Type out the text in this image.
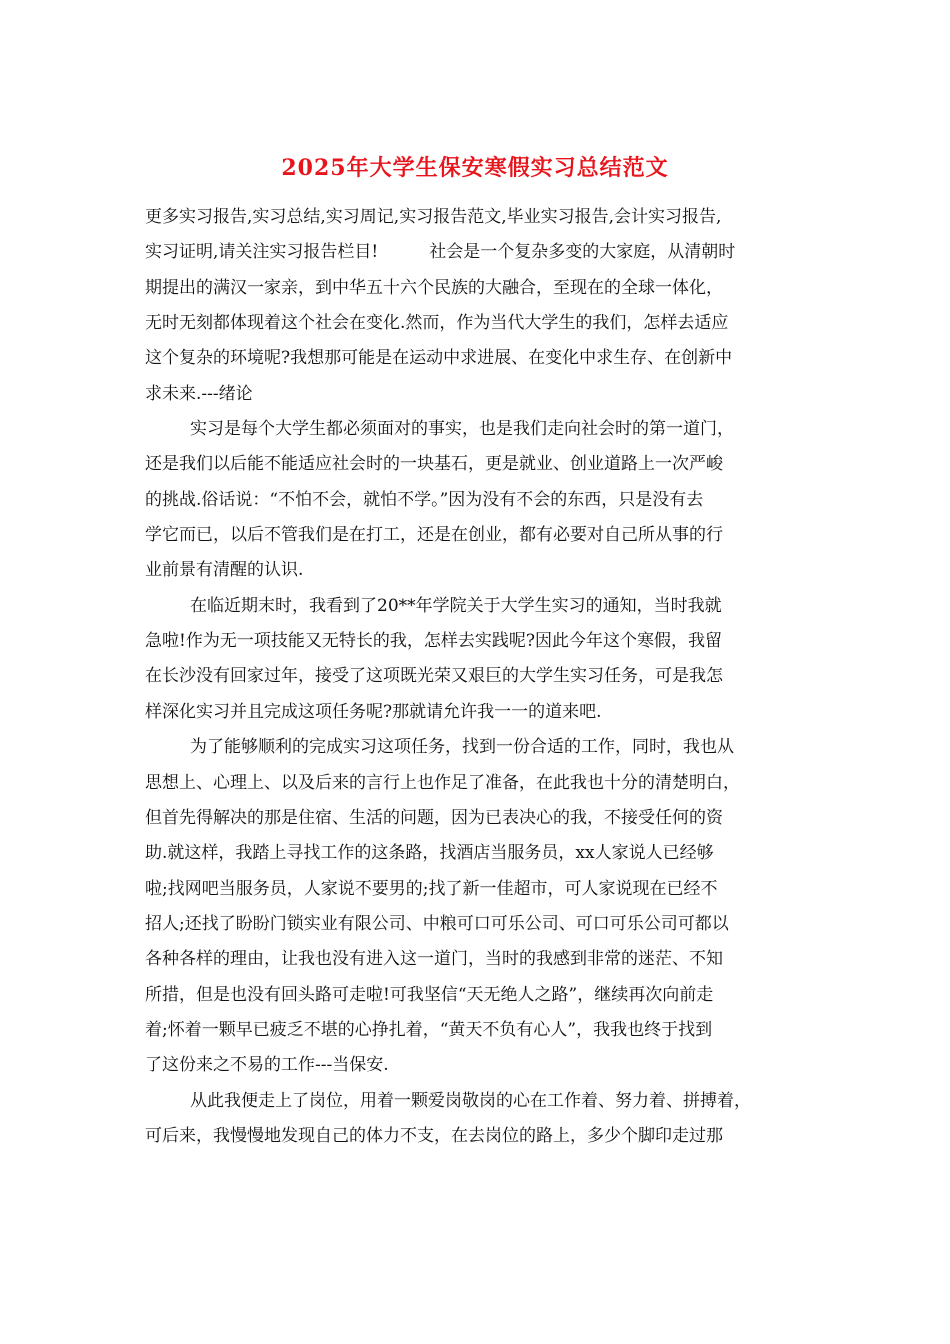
2025年大学生保安寒假实习总结范文

更多实习报告,实习总结,实习周记,实习报告范文,毕业实习报告,会计实习报告,

实习证明,请关注实习报告栏目!　　　社会是一个复杂多变的大家庭，从清朝时

期提出的满汉一家亲，到中华五十六个民族的大融合，至现在的全球一体化，

无时无刻都体现着这个社会在变化.然而，作为当代大学生的我们，怎样去适应

这个复杂的环境呢?我想那可能是在运动中求进展、在变化中求生存、在创新中

求未来.---绪论

实习是每个大学生都必须面对的事实，也是我们走向社会时的第一道门，

还是我们以后能不能适应社会时的一块基石，更是就业、创业道路上一次严峻

的挑战.俗话说：“不怕不会，就怕不学。”因为没有不会的东西，只是没有去

学它而已，以后不管我们是在打工，还是在创业，都有必要对自己所从事的行

业前景有清醒的认识.

在临近期末时，我看到了20**年学院关于大学生实习的通知，当时我就

急啦!作为无一项技能又无特长的我，怎样去实践呢?因此今年这个寒假，我留

在长沙没有回家过年，接受了这项既光荣又艰巨的大学生实习任务，可是我怎

样深化实习并且完成这项任务呢?那就请允许我一一的道来吧.

为了能够顺利的完成实习这项任务，找到一份合适的工作，同时，我也从

思想上、心理上、以及后来的言行上也作足了准备，在此我也十分的清楚明白，

但首先得解决的那是住宿、生活的问题，因为已表决心的我，不接受任何的资

助.就这样，我踏上寻找工作的这条路，找酒店当服务员，xx人家说人已经够

啦;找网吧当服务员，人家说不要男的;找了新一佳超市，可人家说现在已经不

招人;还找了盼盼门锁实业有限公司、中粮可口可乐公司、可口可乐公司可都以

各种各样的理由，让我也没有进入这一道门，当时的我感到非常的迷茫、不知

所措，但是也没有回头路可走啦!可我坚信“天无绝人之路”，继续再次向前走

着;怀着一颗早已疲乏不堪的心挣扎着，“黄天不负有心人”，我我也终于找到

了这份来之不易的工作---当保安.

从此我便走上了岗位，用着一颗爱岗敬岗的心在工作着、努力着、拼搏着，

可后来，我慢慢地发现自己的体力不支，在去岗位的路上，多少个脚印走过那
